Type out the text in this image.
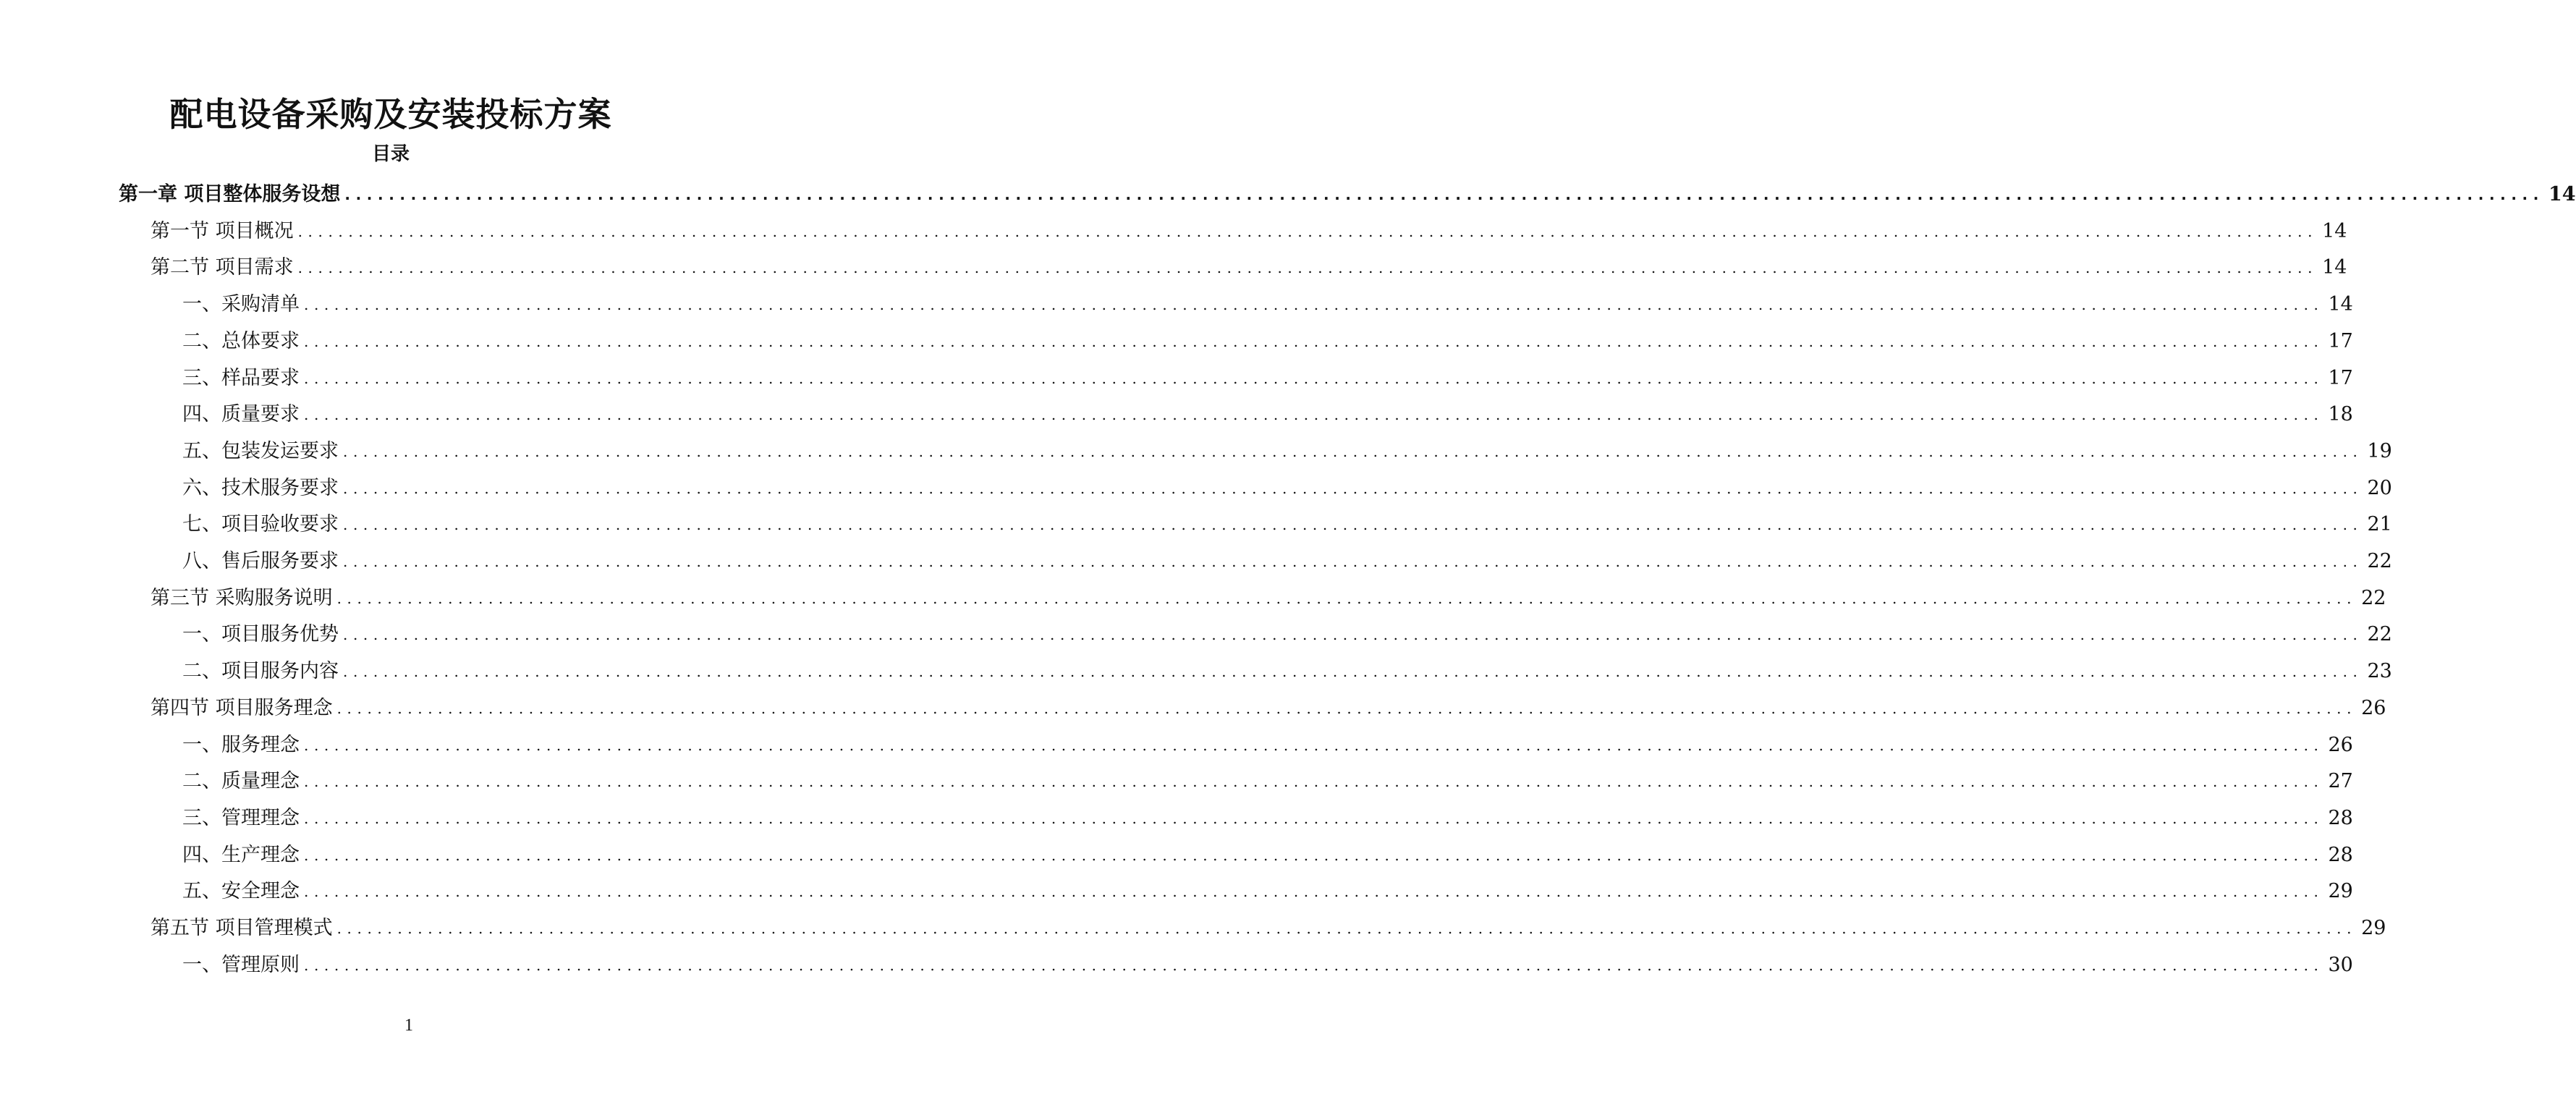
配电设备采购及安装投标方案
目录
第一章 项目整体服务设想 ........................................................................................................................................................................................................ 14
第一节 项目概况 ........................................................................................................................................................................................................ 14
第二节 项目需求 ........................................................................................................................................................................................................ 14
一、采购清单 ........................................................................................................................................................................................................ 14
二、总体要求 ........................................................................................................................................................................................................ 17
三、样品要求 ........................................................................................................................................................................................................ 17
四、质量要求 ........................................................................................................................................................................................................ 18
五、包装发运要求 ........................................................................................................................................................................................................ 19
六、技术服务要求 ........................................................................................................................................................................................................ 20
七、项目验收要求 ........................................................................................................................................................................................................ 21
八、售后服务要求 ........................................................................................................................................................................................................ 22
第三节 采购服务说明 ........................................................................................................................................................................................................ 22
一、项目服务优势 ........................................................................................................................................................................................................ 22
二、项目服务内容 ........................................................................................................................................................................................................ 23
第四节 项目服务理念 ........................................................................................................................................................................................................ 26
一、服务理念 ........................................................................................................................................................................................................ 26
二、质量理念 ........................................................................................................................................................................................................ 27
三、管理理念 ........................................................................................................................................................................................................ 28
四、生产理念 ........................................................................................................................................................................................................ 28
五、安全理念 ........................................................................................................................................................................................................ 29
第五节 项目管理模式 ........................................................................................................................................................................................................ 29
一、管理原则 ........................................................................................................................................................................................................ 30
1
